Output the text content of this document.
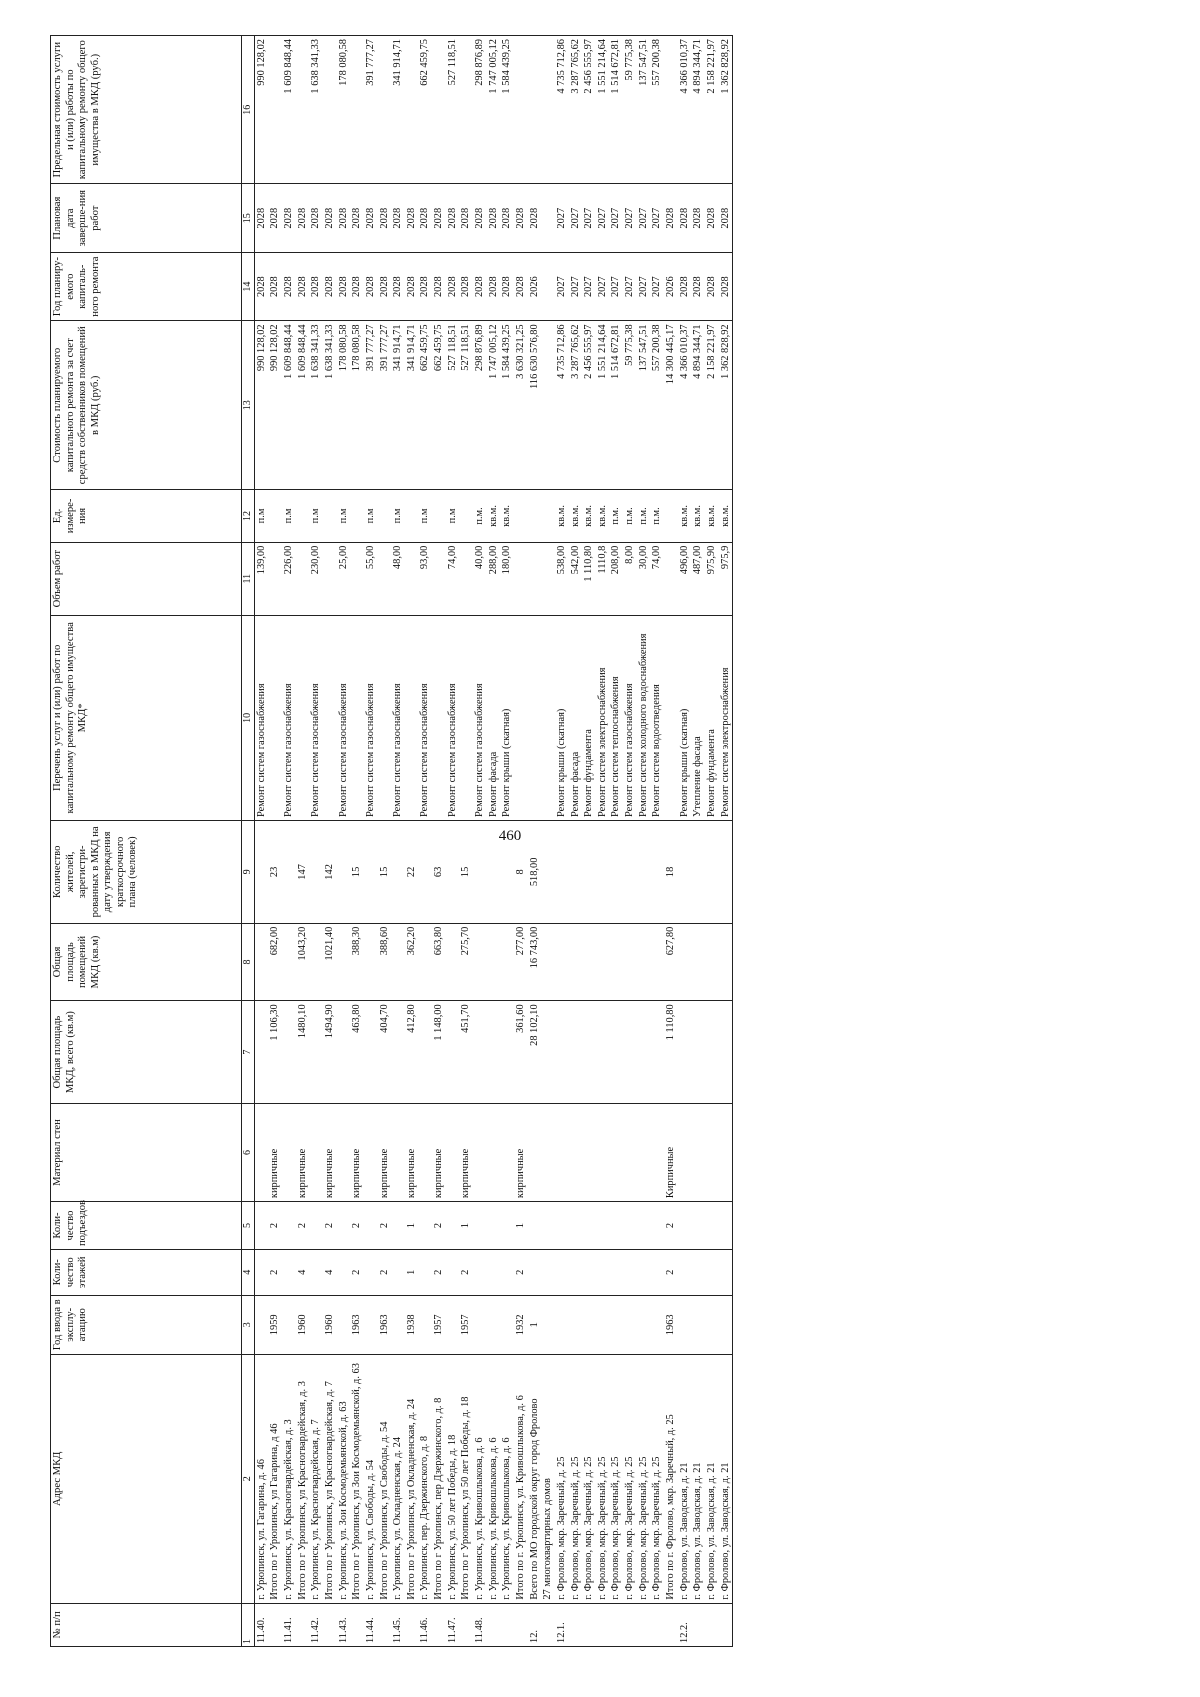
460
№ п/п	Адрес МКД	Год ввода в эксплу-атацию	Коли-чество этажей	Коли-чество подъездов	Материал стен	Общая площадь МКД, всего (кв.м)	Общая площадь помещений МКД (кв.м)	Количество жителей, зарегистри-рованных в МКД на дату утверждения краткосрочного плана (человек)	Перечень услуг и (или) работ по капитальному ремонту общего имущества МКД*	Объем работ	Ед. измере-ния	Стоимость планируемого капитального ремонта за счет средств собственников помещений в МКД (руб.)	Год планиру-емого капиталь-ного ремонта	Плановая дата заверше-ния работ	Предельная стоимость услуги и (или) работы по капитальному ремонту общего имущества в МКД (руб.)
1	2	3	4	5	6	7	8	9	10	11	12	13	14	15	16
11.40.	г. Урюпинск, ул. Гагарина, д. 46								Ремонт систем газоснабжения	139,00	п.м	990 128,02	2028	2028	990 128,02
	Итого по г Урюпинск, ул Гагарина, д 46	1959	2	2	кирпичные	1 106,30	682,00	23				990 128,02	2028	2028	
11.41.	г. Урюпинск, ул. Красногвардейская, д. 3								Ремонт систем газоснабжения	226,00	п.м	1 609 848,44	2028	2028	1 609 848,44
	Итого по г Урюпинск, ул Красногвардейская, д. 3	1960	4	2	кирпичные	1480,10	1043,20	147				1 609 848,44	2028	2028	
11.42.	г. Урюпинск, ул. Красногвардейская, д. 7								Ремонт систем газоснабжения	230,00	п.м	1 638 341,33	2028	2028	1 638 341,33
	Итого по г Урюпинск, ул Красногвардейская, д. 7	1960	4	2	кирпичные	1494,90	1021,40	142				1 638 341,33	2028	2028	
11.43.	г. Урюпинск, ул. Зои Космодемьянской, д. 63								Ремонт систем газоснабжения	25,00	п.м	178 080,58	2028	2028	178 080,58
	Итого по г Урюпинск, ул Зои Космодемьянской, д. 63	1963	2	2	кирпичные	463,80	388,30	15				178 080,58	2028	2028	
11.44.	г. Урюпинск, ул. Свободы, д. 54								Ремонт систем газоснабжения	55,00	п.м	391 777,27	2028	2028	391 777,27
	Итого по г Урюпинск, ул Свободы, д. 54	1963	2	2	кирпичные	404,70	388,60	15				391 777,27	2028	2028	
11.45.	г. Урюпинск, ул. Окладненская, д. 24								Ремонт систем газоснабжения	48,00	п.м	341 914,71	2028	2028	341 914,71
	Итого по г Урюпинск, ул Окладненская, д. 24	1938	1	1	кирпичные	412,80	362,20	22				341 914,71	2028	2028	
11.46.	г. Урюпинск, пер. Дзержинского, д. 8								Ремонт систем газоснабжения	93,00	п.м	662 459,75	2028	2028	662 459,75
	Итого по г Урюпинск, пер Дзержинского, д. 8	1957	2	2	кирпичные	1 148,00	663,80	63				662 459,75	2028	2028	
11.47.	г. Урюпинск, ул. 50 лет Победы, д. 18								Ремонт систем газоснабжения	74,00	п.м	527 118,51	2028	2028	527 118,51
	Итого по г Урюпинск, ул 50 лет Победы, д. 18	1957	2	1	кирпичные	451,70	275,70	15				527 118,51	2028	2028	
11.48.	г. Урюпинск, ул. Кривошлыкова, д. 6								Ремонт систем газоснабжения	40,00	п.м.	298 876,89	2028	2028	298 876,89
	г. Урюпинск, ул. Кривошлыкова, д. 6								Ремонт фасада	288,00	кв.м.	1 747 005,12	2028	2028	1 747 005,12
	г. Урюпинск, ул. Кривошлыкова, д. 6								Ремонт крыши (скатная)	180,00	кв.м.	1 584 439,25	2028	2028	1 584 439,25
	Итого по г. Урюпинск, ул. Кривошлыкова, д. 6	1932	2	1	кирпичные	361,60	277,00	8				3 630 321,25	2028	2028	
12.	Всего по МО городской округ город Фролово	1				28 102,10	16 743,00	518,00				116 630 576,80	2026	2028	
	27 многоквартирных домов														
12.1.	г. Фролово, мкр. Заречный, д. 25								Ремонт крыши (скатная)	538,00	кв.м.	4 735 712,86	2027	2027	4 735 712,86
	г. Фролово, мкр. Заречный, д. 25								Ремонт фасада	542,00	кв.м.	3 287 765,62	2027	2027	3 287 765,62
	г. Фролово, мкр. Заречный, д. 25								Ремонт фундамента	1 110,80	кв.м.	2 456 555,97	2027	2027	2 456 555,97
	г. Фролово, мкр. Заречный, д. 25								Ремонт систем электроснабжения	1110,8	кв.м.	1 551 214,64	2027	2027	1 551 214,64
	г. Фролово, мкр. Заречный, д. 25								Ремонт систем теплоснабжения	208,00	п.м.	1 514 672,81	2027	2027	1 514 672,81
	г. Фролово, мкр. Заречный, д. 25								Ремонт систем газоснабжения	8,00	п.м.	59 775,38	2027	2027	59 775,38
	г. Фролово, мкр. Заречный, д. 25								Ремонт систем холодного водоснабжения	30,00	п.м.	137 547,51	2027	2027	137 547,51
	г. Фролово, мкр. Заречный, д. 25								Ремонт систем водоотведения	74,00	п.м.	557 200,38	2027	2027	557 200,38
	Итого по г. Фролово, мкр. Заречный, д. 25	1963	2	2	Кирпичные	1 110,80	627,80	18				14 300 445,17	2026	2028	
12.2.	г. Фролово, ул. Заводская, д. 21								Ремонт крыши (скатная)	496,00	кв.м.	4 366 010,37	2028	2028	4 366 010,37
	г. Фролово, ул. Заводская, д. 21								Утепление фасада	487,00	кв.м.	4 894 344,71	2028	2028	4 894 344,71
	г. Фролово, ул. Заводская, д. 21								Ремонт фундамента	975,90	кв.м.	2 158 221,97	2028	2028	2 158 221,97
	г. Фролово, ул. Заводская, д. 21								Ремонт систем электроснабжения	975,9	кв.м.	1 362 828,92	2028	2028	1 362 828,92
